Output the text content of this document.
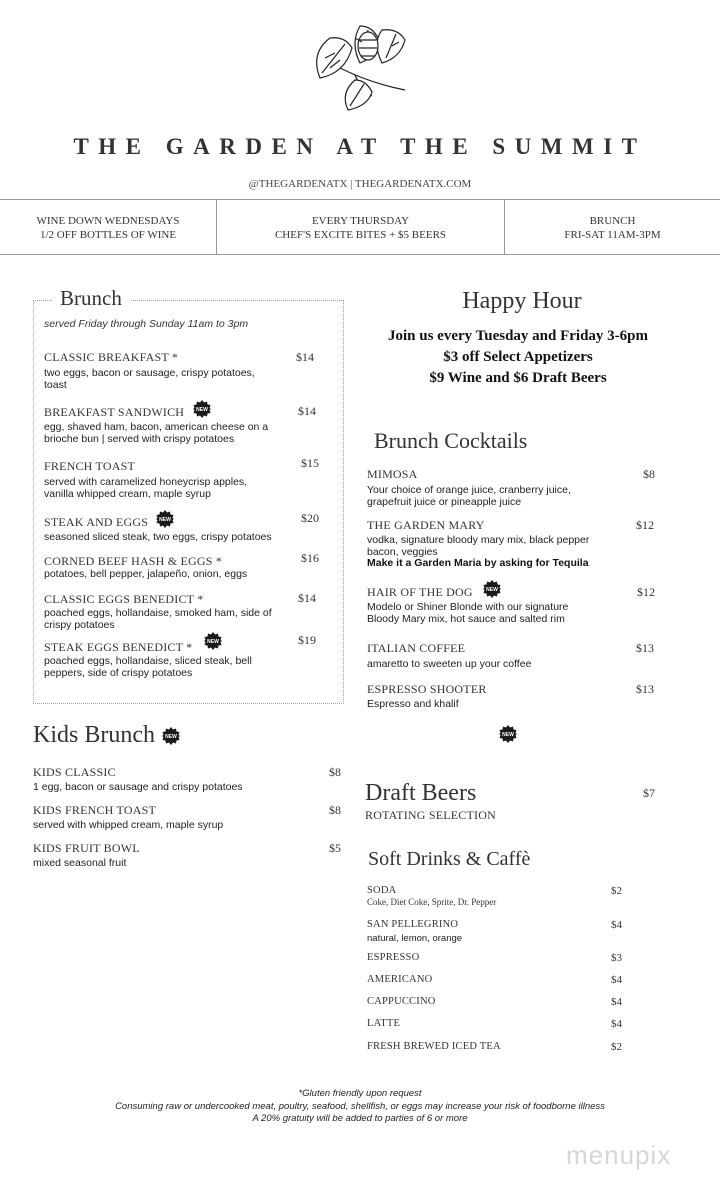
THE GARDEN AT THE SUMMIT
@THEGARDENATX | THEGARDENATX.COM
WINE DOWN WEDNESDAYS
1/2 OFF BOTTLES OF WINE
EVERY THURSDAY
CHEF'S EXCITE BITES + $5 BEERS
BRUNCH
FRI-SAT 11AM-3PM
Brunch
served Friday through Sunday 11am to 3pm
CLASSIC BREAKFAST *	$14
two eggs, bacon or sausage, crispy potatoes,
toast
BREAKFAST SANDWICH NEW	$14
egg, shaved ham, bacon, american cheese on a
brioche bun | served with crispy potatoes
FRENCH TOAST	$15
served with caramelized honeycrisp apples,
vanilla whipped cream, maple syrup
STEAK AND EGGS NEW	$20
seasoned sliced steak, two eggs, crispy potatoes
CORNED BEEF HASH & EGGS *	$16
potatoes, bell pepper, jalapeño, onion, eggs
CLASSIC EGGS BENEDICT *	$14
poached eggs, hollandaise, smoked ham, side of
crispy potatoes
STEAK EGGS BENEDICT *	NEW	$19
poached eggs, hollandaise, sliced steak, bell
peppers, side of crispy potatoes
Kids Brunch NEW
KIDS CLASSIC	$8
1 egg, bacon or sausage and crispy potatoes
KIDS FRENCH TOAST	$8
served with whipped cream, maple syrup
KIDS FRUIT BOWL	$5
mixed seasonal fruit
Happy Hour
Join us every Tuesday and Friday 3-6pm
$3 off Select Appetizers
$9 Wine and $6 Draft Beers
Brunch Cocktails
MIMOSA	$8
Your choice of orange juice, cranberry juice,
grapefruit juice or pineapple juice
THE GARDEN MARY	$12
vodka, signature bloody mary mix, black pepper
bacon, veggies
Make it a Garden Maria by asking for Tequila
HAIR OF THE DOG	NEW	$12
Modelo or Shiner Blonde with our signature
Bloody Mary mix, hot sauce and salted rim
ITALIAN COFFEE	$13
amaretto to sweeten up your coffee
ESPRESSO SHOOTER	$13
Espresso and khalif
NEW
Draft Beers	$7
ROTATING SELECTION
Soft Drinks & Caffè
SODA	$2
Coke, Diet Coke, Sprite, Dr. Pepper
SAN PELLEGRINO	$4
natural, lemon, orange
ESPRESSO	$3
AMERICANO	$4
CAPPUCCINO	$4
LATTE	$4
FRESH BREWED ICED TEA	$2
*Gluten friendly upon request
Consuming raw or undercooked meat, poultry, seafood, shellfish, or eggs may increase your risk of foodborne illness
A 20% gratuity will be added to parties of 6 or more
menupix
